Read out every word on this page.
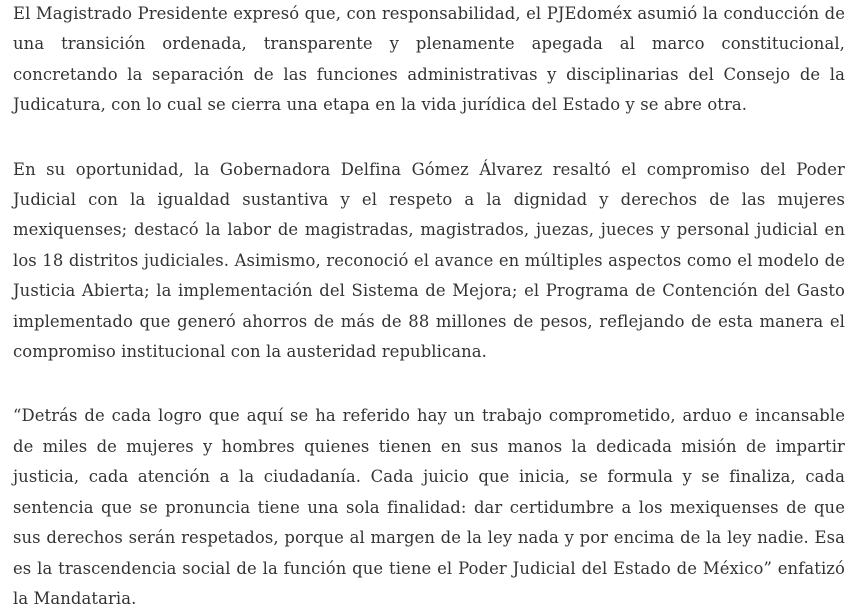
El Magistrado Presidente expresó que, con responsabilidad, el PJEdoméx asumió la conducción de una transición ordenada, transparente y plenamente apegada al marco constitucional, concretando la separación de las funciones administrativas y disciplinarias del Consejo de la Judicatura, con lo cual se cierra una etapa en la vida jurídica del Estado y se abre otra.

En su oportunidad, la Gobernadora Delfina Gómez Álvarez resaltó el compromiso del Poder Judicial con la igualdad sustantiva y el respeto a la dignidad y derechos de las mujeres mexiquenses; destacó la labor de magistradas, magistrados, juezas, jueces y personal judicial en los 18 distritos judiciales. Asimismo, reconoció el avance en múltiples aspectos como el modelo de Justicia Abierta; la implementación del Sistema de Mejora; el Programa de Contención del Gasto implementado que generó ahorros de más de 88 millones de pesos, reflejando de esta manera el compromiso institucional con la austeridad republicana.

“Detrás de cada logro que aquí se ha referido hay un trabajo comprometido, arduo e incansable de miles de mujeres y hombres quienes tienen en sus manos la dedicada misión de impartir justicia, cada atención a la ciudadanía. Cada juicio que inicia, se formula y se finaliza, cada sentencia que se pronuncia tiene una sola finalidad: dar certidumbre a los mexiquenses de que sus derechos serán respetados, porque al margen de la ley nada y por encima de la ley nadie. Esa es la trascendencia social de la función que tiene el Poder Judicial del Estado de México” enfatizó la Mandataria.
